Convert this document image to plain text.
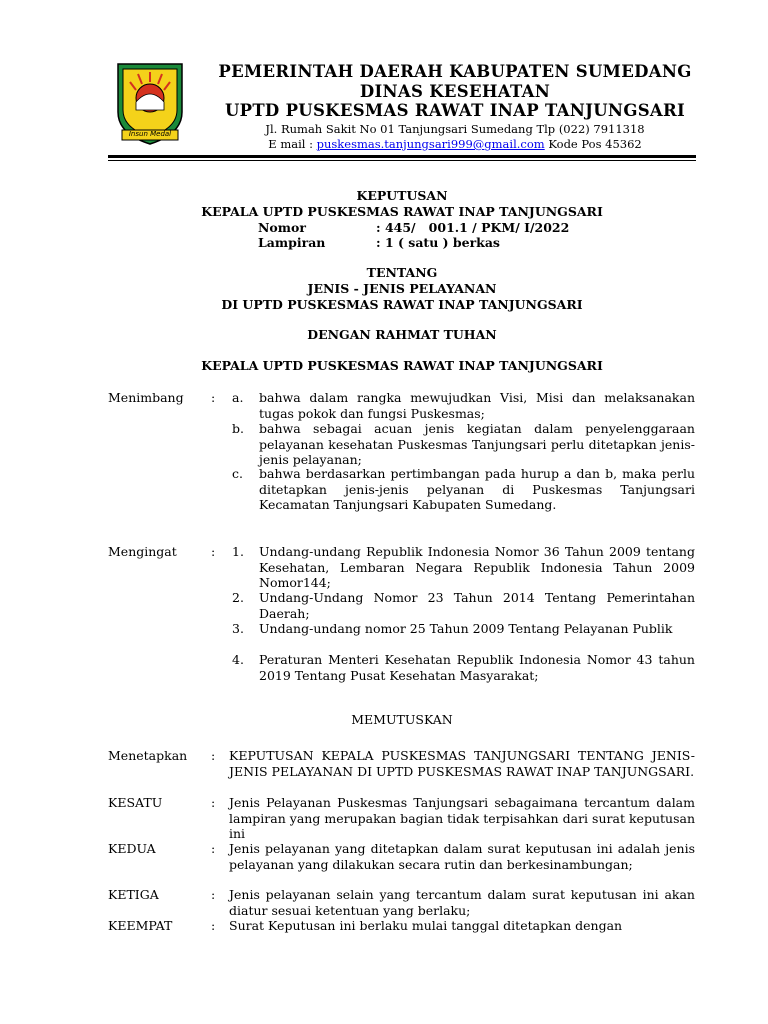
Insun Medal
PEMERINTAH DAERAH KABUPATEN SUMEDANG
DINAS KESEHATAN
UPTD PUSKESMAS RAWAT INAP TANJUNGSARI
Jl. Rumah Sakit No 01 Tanjungsari Sumedang Tlp (022) 7911318
E mail : puskesmas.tanjungsari999@gmail.com Kode Pos 45362
KEPUTUSAN
KEPALA UPTD PUSKESMAS RAWAT INAP TANJUNGSARI
Nomor	: 445/   001.1 / PKM/ I/2022
Lampiran	: 1 ( satu ) berkas
TENTANG
JENIS - JENIS PELAYANAN
DI UPTD PUSKESMAS RAWAT INAP TANJUNGSARI
DENGAN RAHMAT TUHAN
KEPALA UPTD PUSKESMAS RAWAT INAP TANJUNGSARI
Menimbang : a. bahwa dalam rangka mewujudkan Visi, Misi dan melaksanakan tugas pokok dan fungsi Puskesmas;

b. bahwa sebagai acuan jenis kegiatan dalam penyelenggaraan pelayanan kesehatan Puskesmas Tanjungsari perlu ditetapkan jenis-jenis pelayanan;

c. bahwa berdasarkan pertimbangan pada hurup a dan b, maka perlu ditetapkan jenis-jenis pelyanan di Puskesmas Tanjungsari Kecamatan Tanjungsari Kabupaten Sumedang.

Mengingat	: 1. Undang-undang Republik Indonesia Nomor 36 Tahun 2009 tentang Kesehatan, Lembaran Negara Republik Indonesia Tahun 2009 Nomor144;

2. Undang-Undang Nomor 23 Tahun 2014 Tentang Pemerintahan Daerah;

3. Undang-undang nomor 25 Tahun 2009 Tentang Pelayanan Publik

4. Peraturan Menteri Kesehatan Republik Indonesia Nomor 43 tahun 2019 Tentang Pusat Kesehatan Masyarakat;

MEMUTUSKAN
Menetapkan : KEPUTUSAN KEPALA PUSKESMAS TANJUNGSARI TENTANG JENIS-JENIS PELAYANAN DI UPTD PUSKESMAS RAWAT INAP TANJUNGSARI.

KESATU	: Jenis Pelayanan Puskesmas Tanjungsari sebagaimana tercantum dalam lampiran yang merupakan bagian tidak terpisahkan dari surat keputusan ini

KEDUA	: Jenis pelayanan yang ditetapkan dalam surat keputusan ini adalah jenis pelayanan yang dilakukan secara rutin dan berkesinambungan;

KETIGA	: Jenis pelayanan selain yang tercantum dalam surat keputusan ini akan diatur sesuai ketentuan yang berlaku;

KEEMPAT	: Surat Keputusan ini berlaku mulai tanggal ditetapkan dengan
